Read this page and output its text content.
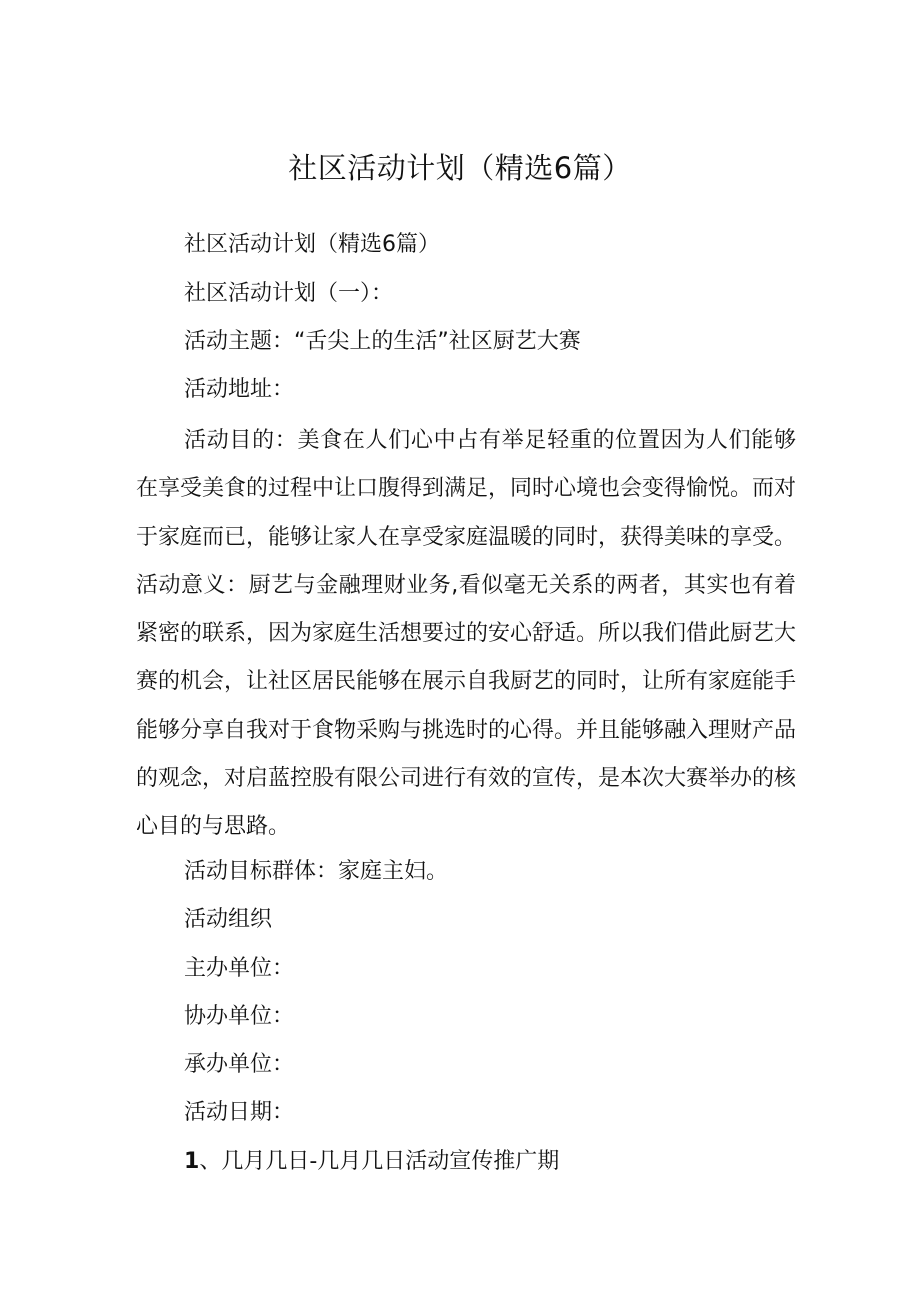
社区活动计划（精选6篇）
社区活动计划（精选6篇）
社区活动计划（一）：
活动主题：“舌尖上的生活”社区厨艺大赛
活动地址：
活动目的：美食在人们心中占有举足轻重的位置因为人们能够在享受美食的过程中让口腹得到满足，同时心境也会变得愉悦。而对于家庭而已，能够让家人在享受家庭温暖的同时，获得美味的享受。活动意义：厨艺与金融理财业务,看似毫无关系的两者，其实也有着紧密的联系，因为家庭生活想要过的安心舒适。所以我们借此厨艺大赛的机会，让社区居民能够在展示自我厨艺的同时，让所有家庭能手能够分享自我对于食物采购与挑选时的心得。并且能够融入理财产品的观念，对启蓝控股有限公司进行有效的宣传，是本次大赛举办的核心目的与思路。
活动目标群体：家庭主妇。
活动组织
主办单位：
协办单位：
承办单位：
活动日期：
1、几月几日-几月几日活动宣传推广期
